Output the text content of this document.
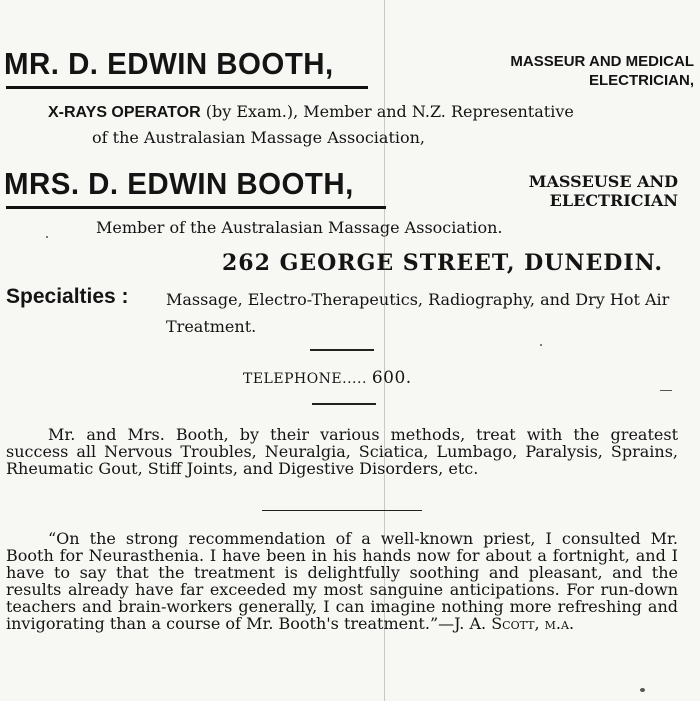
MR. D. EDWIN BOOTH,	MASSEUR AND MEDICAL ELECTRICIAN,
X-RAYS OPERATOR (by Exam.), Member and N.Z. Representative
of the Australasian Massage Association,
MRS. D. EDWIN BOOTH,	MASSEUSE AND ELECTRICIAN
Member of the Australasian Massage Association.
262 GEORGE STREET, DUNEDIN.
Specialties : Massage, Electro-Therapeutics, Radiography, and Dry Hot Air Treatment.
TELEPHONE..... 600.
Mr. and Mrs. Booth, by their various methods, treat with the greatest success all Nervous Troubles, Neuralgia, Sciatica, Lumbago, Paralysis, Sprains, Rheumatic Gout, Stiff Joints, and Digestive Disorders, etc.
“On the strong recommendation of a well-known priest, I consulted Mr. Booth for Neurasthenia. I have been in his hands now for about a fortnight, and I have to say that the treatment is delightfully soothing and pleasant, and the results already have far exceeded my most sanguine anticipations. For run-down teachers and brain-workers generally, I can imagine nothing more refreshing and invigorating than a course of Mr. Booth's treatment.”—J. A. Scott, m.a.
